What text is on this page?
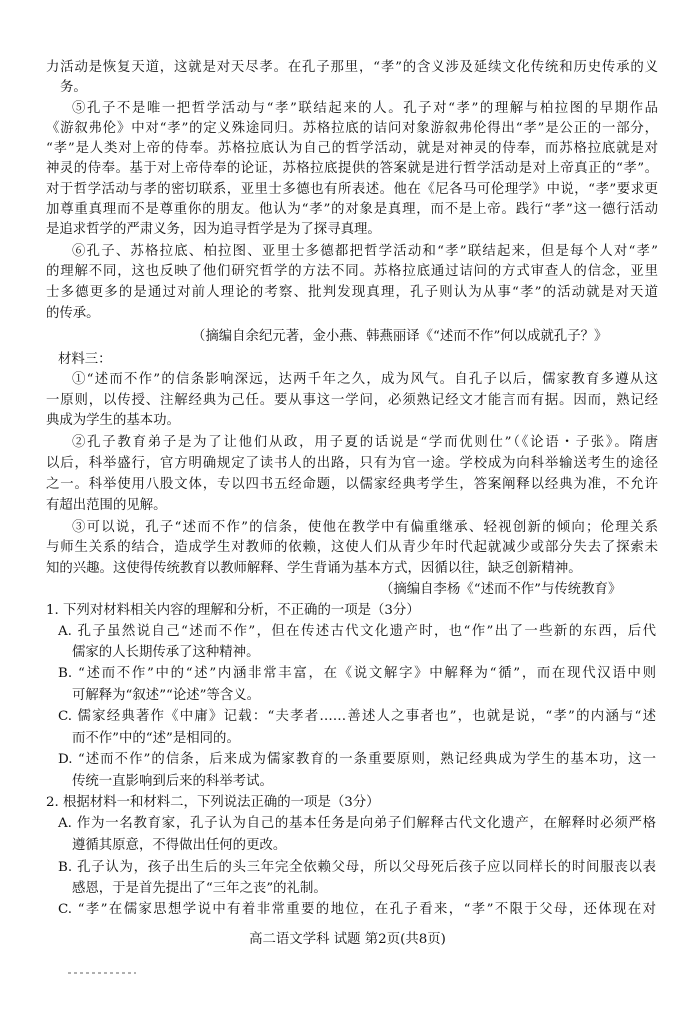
力活动是恢复天道，这就是对天尽孝。在孔子那里，“孝”的含义涉及延续文化传统和历史传承的义
务。
⑤孔子不是唯一把哲学活动与“孝”联结起来的人。孔子对“孝”的理解与柏拉图的早期作品
《游叙弗伦》中对“孝”的定义殊途同归。苏格拉底的诘问对象游叙弗伦得出“孝”是公正的一部分，
“孝”是人类对上帝的侍奉。苏格拉底认为自己的哲学活动，就是对神灵的侍奉，而苏格拉底就是对
神灵的侍奉。基于对上帝侍奉的论证，苏格拉底提供的答案就是进行哲学活动是对上帝真正的“孝”。
对于哲学活动与孝的密切联系，亚里士多德也有所表述。他在《尼各马可伦理学》中说，“孝”要求更
加尊重真理而不是尊重你的朋友。他认为“孝”的对象是真理，而不是上帝。践行“孝”这一德行活动
是追求哲学的严肃义务，因为追寻哲学是为了探寻真理。
⑥孔子、苏格拉底、柏拉图、亚里士多德都把哲学活动和“孝”联结起来，但是每个人对“孝”
的理解不同，这也反映了他们研究哲学的方法不同。苏格拉底通过诘问的方式审查人的信念，亚里
士多德更多的是通过对前人理论的考察、批判发现真理，孔子则认为从事“孝”的活动就是对天道
的传承。
（摘编自余纪元著，金小燕、韩燕丽译《“述而不作”何以成就孔子？》
材料三：
①“述而不作”的信条影响深远，达两千年之久，成为风气。自孔子以后，儒家教育多遵从这
一原则，以传授、注解经典为己任。要从事这一学问，必须熟记经文才能言而有据。因而，熟记经
典成为学生的基本功。
②孔子教育弟子是为了让他们从政，用子夏的话说是“学而优则仕”（《论语・子张》。隋唐
以后，科举盛行，官方明确规定了读书人的出路，只有为官一途。学校成为向科举输送考生的途径
之一。科举使用八股文体，专以四书五经命题，以儒家经典考学生，答案阐释以经典为准，不允许
有超出范围的见解。
③可以说，孔子“述而不作”的信条，使他在教学中有偏重继承、轻视创新的倾向；伦理关系
与师生关系的结合，造成学生对教师的依赖，这使人们从青少年时代起就减少或部分失去了探索未
知的兴趣。这使得传统教育以教师解释、学生背诵为基本方式，因循以往，缺乏创新精神。
（摘编自李杨《“述而不作”与传统教育》
1. 下列对材料相关内容的理解和分析，不正确的一项是（3分）
A. 孔子虽然说自己“述而不作”，但在传述古代文化遗产时，也“作”出了一些新的东西，后代
儒家的人长期传承了这种精神。
B. “述而不作”中的“述”内涵非常丰富，在《说文解字》中解释为“循”，而在现代汉语中则
可解释为“叙述”“论述”等含义。
C. 儒家经典著作《中庸》记载：“夫孝者……善述人之事者也”，也就是说，“孝”的内涵与“述
而不作”中的“述”是相同的。
D. “述而不作”的信条，后来成为儒家教育的一条重要原则，熟记经典成为学生的基本功，这一
传统一直影响到后来的科举考试。
2. 根据材料一和材料二，下列说法正确的一项是（3分）
A. 作为一名教育家，孔子认为自己的基本任务是向弟子们解释古代文化遗产，在解释时必须严格
遵循其原意，不得做出任何的更改。
B. 孔子认为，孩子出生后的头三年完全依赖父母，所以父母死后孩子应以同样长的时间服丧以表
感恩，于是首先提出了“三年之丧”的礼制。
C. “孝”在儒家思想学说中有着非常重要的地位，在孔子看来，“孝”不限于父母，还体现在对
高二语文学科 试题 第2页(共8页)
